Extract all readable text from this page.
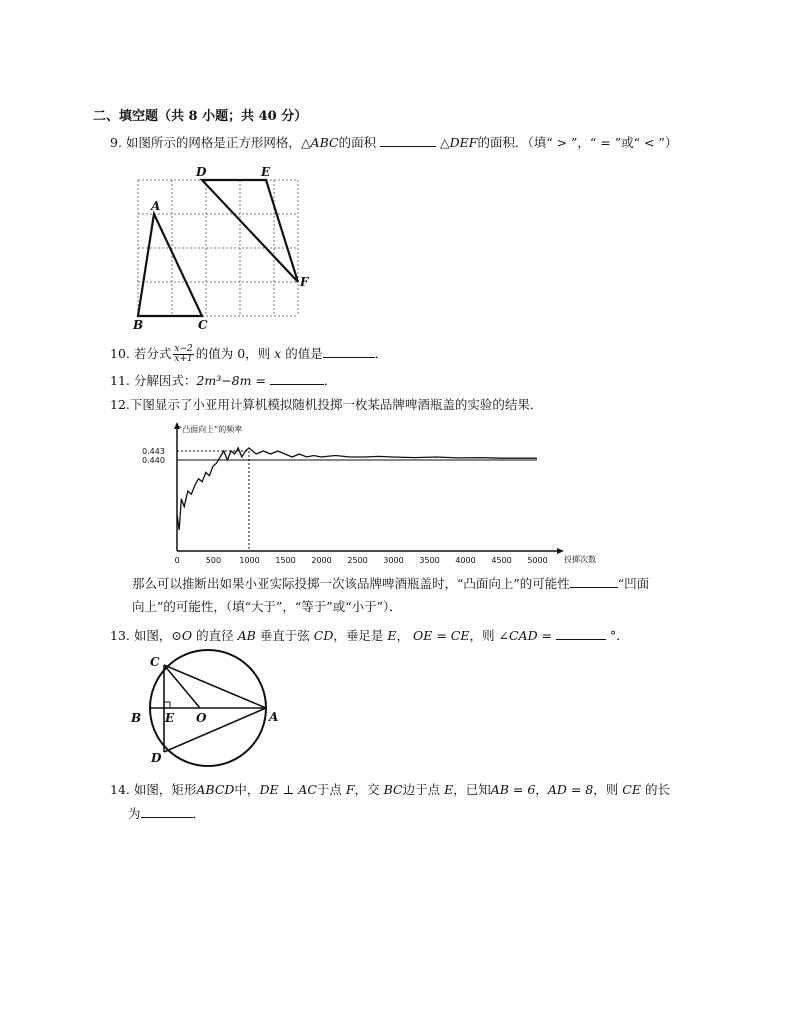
二、填空题（共 8 小题；共 40 分）
9. 如图所示的网格是正方形网格，△ABC的面积	△DEF的面积．（填“ > ”，“ = ”或“ < ”）
A
B	C
D	E
F
10. 若分式 $\frac{x-2}{x+1}$ 的值为 0，则 x 的值是	．
11. 分解因式：2m³−8m =	．
12.下图显示了小亚用计算机模拟随机投掷一枚某品牌啤酒瓶盖的实验的结果．
“凸面向上”的频率
0	500 1000 1500 2000 2500 3000 3500 4000 4500 5000
0.443
0.440
投掷次数
那么可以推断出如果小亚实际投掷一次该品牌啤酒瓶盖时，“凸面向上”的可能性	“凹面
向上”的可能性，（填“大于”，“等于”或“小于”）．
13. 如图，⊙O 的直径 AB 垂直于弦 CD，垂足是 E， OE = CE，则 ∠CAD =	°．
C
B E O	A
D
14. 如图，矩形ABCD中，DE ⊥ AC于点 F，交 BC边于点 E，已知AB = 6，AD = 8，则 CE 的长
为	．
